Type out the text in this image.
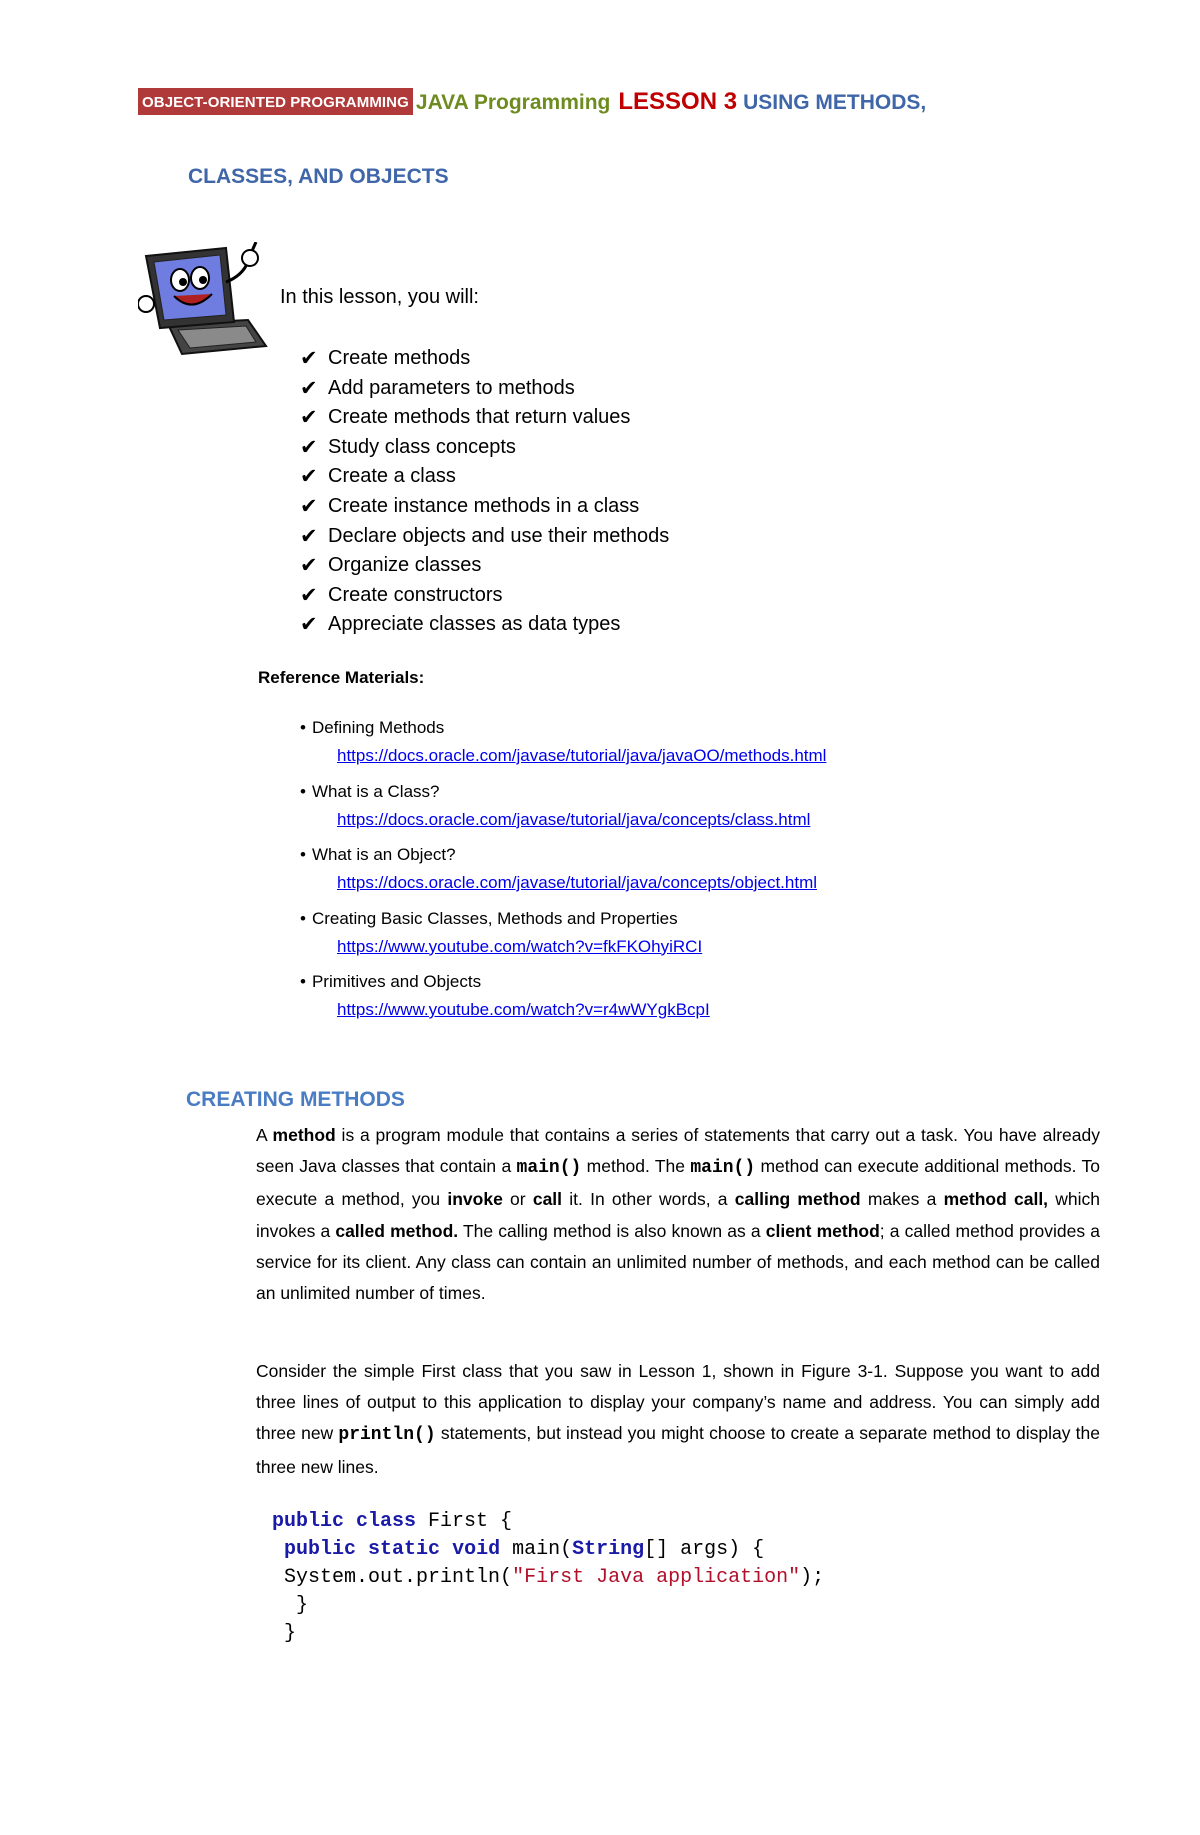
OBJECT-ORIENTED PROGRAMMING JAVA Programming LESSON 3 USING METHODS,
CLASSES, AND OBJECTS
In this lesson, you will:
✔ Create methods
✔ Add parameters to methods
✔ Create methods that return values
✔ Study class concepts
✔ Create a class
✔ Create instance methods in a class
✔ Declare objects and use their methods
✔ Organize classes
✔ Create constructors
✔ Appreciate classes as data types
Reference Materials:
• Defining Methods
https://docs.oracle.com/javase/tutorial/java/javaOO/methods.html
• What is a Class?
https://docs.oracle.com/javase/tutorial/java/concepts/class.html
• What is an Object?
https://docs.oracle.com/javase/tutorial/java/concepts/object.html
• Creating Basic Classes, Methods and Properties
https://www.youtube.com/watch?v=fkFKOhyiRCI
• Primitives and Objects
https://www.youtube.com/watch?v=r4wWYgkBcpI
CREATING METHODS

A method is a program module that contains a series of statements that carry out a task. You have already seen Java classes that contain a main() method. The main() method can execute additional methods. To execute a method, you invoke or call it. In other words, a calling method makes a method call, which invokes a called method. The calling method is also known as a client method; a called method provides a service for its client. Any class can contain an unlimited number of methods, and each method can be called an unlimited number of times.

Consider the simple First class that you saw in Lesson 1, shown in Figure 3-1. Suppose you want to add three lines of output to this application to display your company’s name and address. You can simply add three new println() statements, but instead you might choose to create a separate method to display the three new lines.

public class First {
public static void main(String[] args) {
System.out.println("First Java application");
}
}
